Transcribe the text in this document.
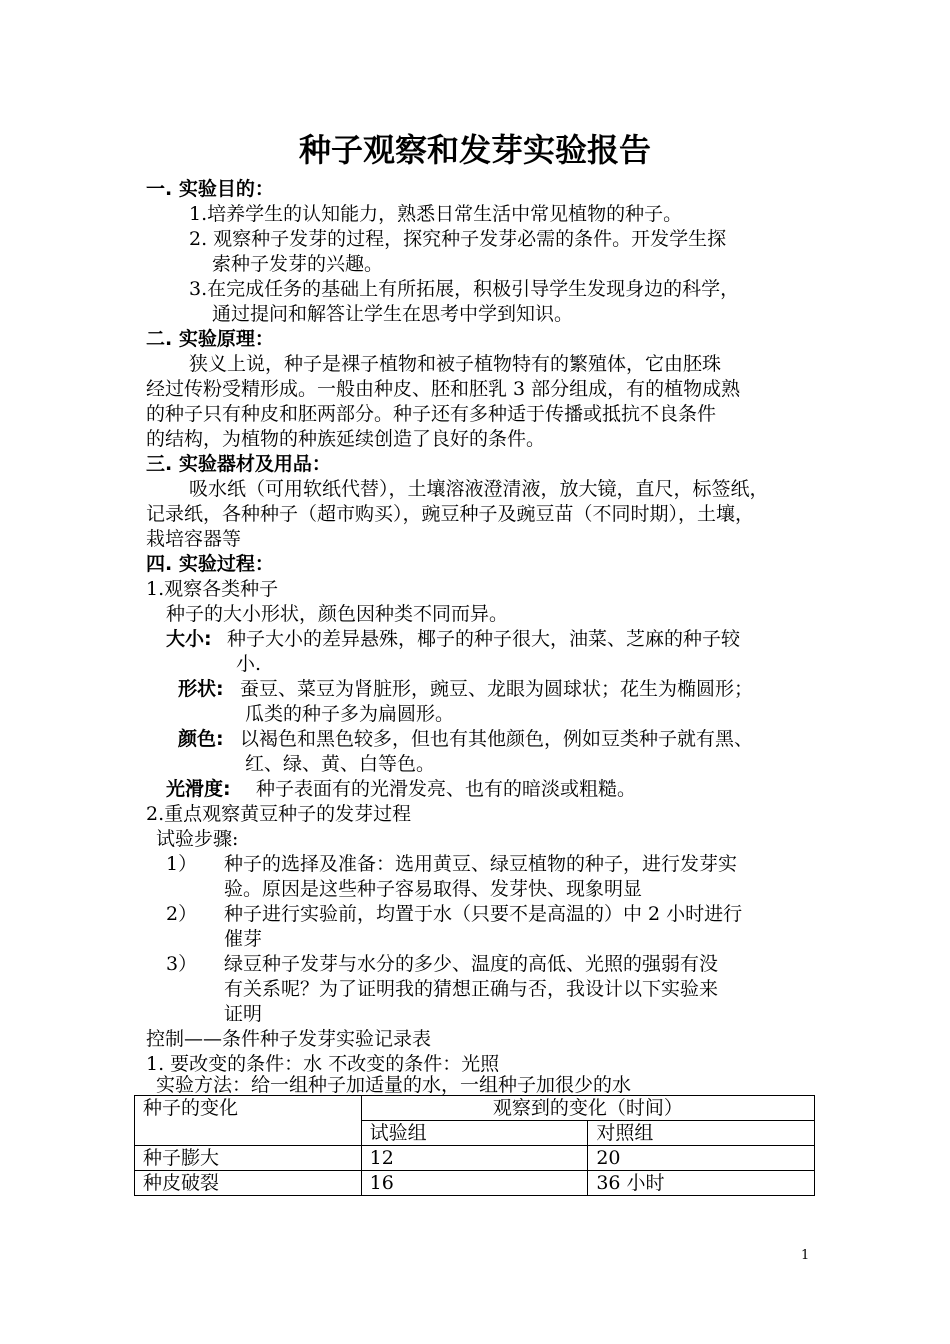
种子观察和发芽实验报告
一. 实验目的：
1.培养学生的认知能力，熟悉日常生活中常见植物的种子。
2. 观察种子发芽的过程，探究种子发芽必需的条件。开发学生探
索种子发芽的兴趣。
3.在完成任务的基础上有所拓展，积极引导学生发现身边的科学，
通过提问和解答让学生在思考中学到知识。
二. 实验原理：
狭义上说，种子是裸子植物和被子植物特有的繁殖体，它由胚珠
经过传粉受精形成。一般由种皮、胚和胚乳 3 部分组成，有的植物成熟
的种子只有种皮和胚两部分。种子还有多种适于传播或抵抗不良条件
的结构，为植物的种族延续创造了良好的条件。
三. 实验器材及用品：
吸水纸（可用软纸代替），土壤溶液澄清液，放大镜，直尺，标签纸，
记录纸，各种种子（超市购买），豌豆种子及豌豆苗（不同时期），土壤，
栽培容器等
四. 实验过程：
1.观察各类种子
种子的大小形状，颜色因种类不同而异。
大小: 种子大小的差异悬殊，椰子的种子很大，油菜、芝麻的种子较
小.
形状: 蚕豆、菜豆为肾脏形，豌豆、龙眼为圆球状；花生为椭圆形；
瓜类的种子多为扁圆形。
颜色: 以褐色和黑色较多，但也有其他颜色，例如豆类种子就有黑、
红、绿、黄、白等色。
光滑度: 种子表面有的光滑发亮、也有的暗淡或粗糙。
2.重点观察黄豆种子的发芽过程
试验步骤:
1） 种子的选择及准备：选用黄豆、绿豆植物的种子，进行发芽实
验。原因是这些种子容易取得、发芽快、现象明显
2） 种子进行实验前，均置于水（只要不是高温的）中 2 小时进行
催芽
3） 绿豆种子发芽与水分的多少、温度的高低、光照的强弱有没
有关系呢？为了证明我的猜想正确与否，我设计以下实验来
证明
控制——条件种子发芽实验记录表
1. 要改变的条件：水 不改变的条件：光照
实验方法：给一组种子加适量的水，一组种子加很少的水
种子的变化	观察到的变化（时间）	
	试验组	对照组
种子膨大	12	20
种皮破裂	16	36 小时
1
